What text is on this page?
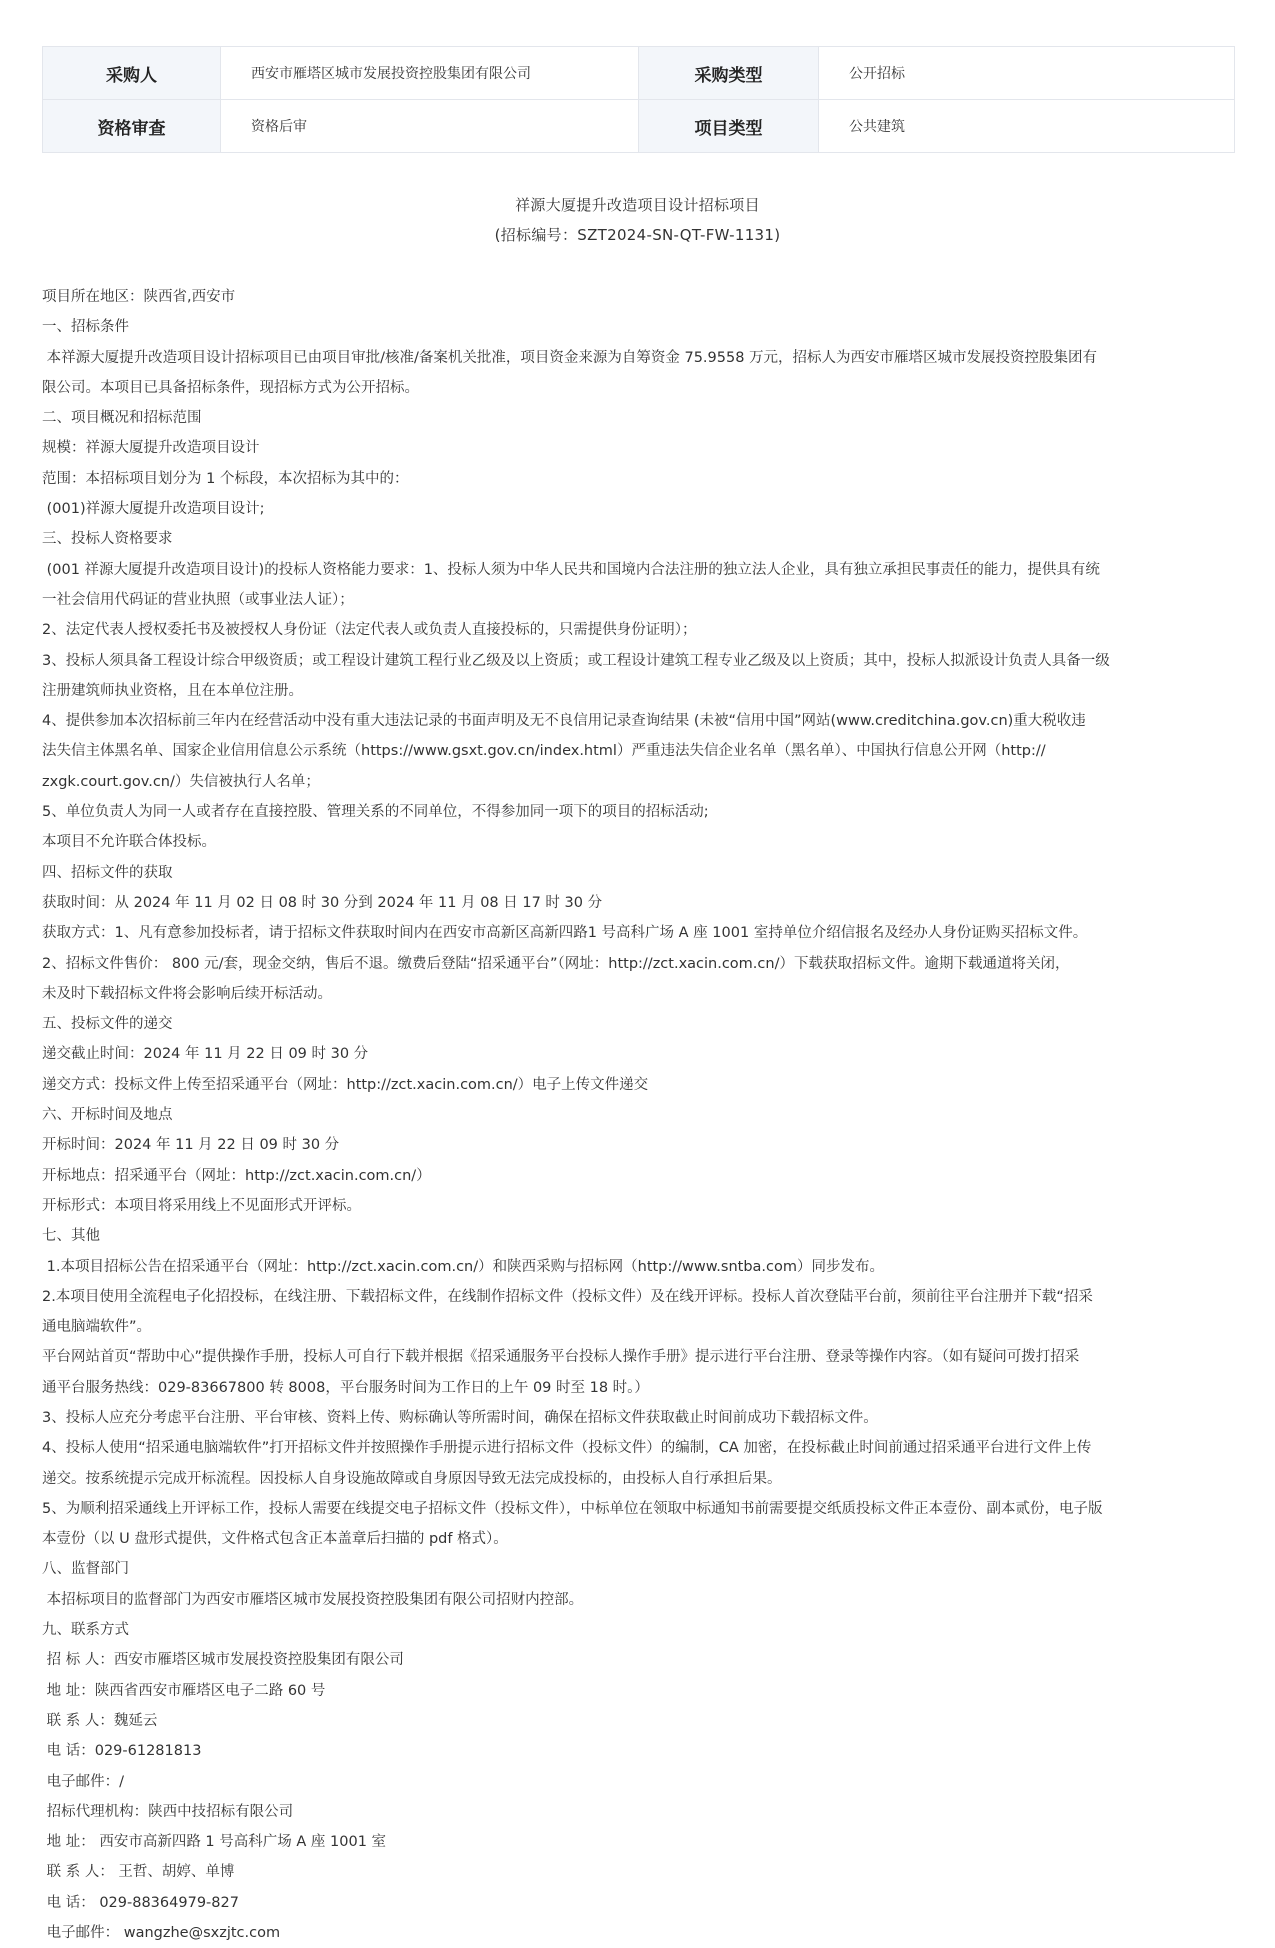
采购人	西安市雁塔区城市发展投资控股集团有限公司	采购类型	公开招标
资格审查	资格后审	项目类型	公共建筑
祥源大厦提升改造项目设计招标项目
(招标编号：SZT2024-SN-QT-FW-1131)

项目所在地区：陕西省,西安市

一、招标条件

本祥源大厦提升改造项目设计招标项目已由项目审批/核准/备案机关批准，项目资金来源为自筹资金 75.9558 万元，招标人为西安市雁塔区城市发展投资控股集团有

限公司。本项目已具备招标条件，现招标方式为公开招标。

二、项目概况和招标范围

规模：祥源大厦提升改造项目设计

范围：本招标项目划分为 1 个标段，本次招标为其中的：

(001)祥源大厦提升改造项目设计;

三、投标人资格要求

(001 祥源大厦提升改造项目设计)的投标人资格能力要求：1、投标人须为中华人民共和国境内合法注册的独立法人企业，具有独立承担民事责任的能力，提供具有统

一社会信用代码证的营业执照（或事业法人证）；

2、法定代表人授权委托书及被授权人身份证（法定代表人或负责人直接投标的，只需提供身份证明）；

3、投标人须具备工程设计综合甲级资质；或工程设计建筑工程行业乙级及以上资质；或工程设计建筑工程专业乙级及以上资质；其中，投标人拟派设计负责人具备一级

注册建筑师执业资格，且在本单位注册。

4、提供参加本次招标前三年内在经营活动中没有重大违法记录的书面声明及无不良信用记录查询结果 (未被“信用中国”网站(www.creditchina.gov.cn)重大税收违

法失信主体黑名单、国家企业信用信息公示系统（https://www.gsxt.gov.cn/index.html）严重违法失信企业名单（黑名单）、中国执行信息公开网（http://

zxgk.court.gov.cn/）失信被执行人名单；

5、单位负责人为同一人或者存在直接控股、管理关系的不同单位，不得参加同一项下的项目的招标活动;

本项目不允许联合体投标。

四、招标文件的获取

获取时间：从 2024 年 11 月 02 日 08 时 30 分到 2024 年 11 月 08 日 17 时 30 分

获取方式：1、凡有意参加投标者，请于招标文件获取时间内在西安市高新区高新四路1 号高科广场 A 座 1001 室持单位介绍信报名及经办人身份证购买招标文件。

2、招标文件售价： 800 元/套，现金交纳，售后不退。缴费后登陆“招采通平台”（网址：http://zct.xacin.com.cn/）下载获取招标文件。逾期下载通道将关闭，

未及时下载招标文件将会影响后续开标活动。

五、投标文件的递交

递交截止时间：2024 年 11 月 22 日 09 时 30 分

递交方式：投标文件上传至招采通平台（网址：http://zct.xacin.com.cn/）电子上传文件递交

六、开标时间及地点

开标时间：2024 年 11 月 22 日 09 时 30 分

开标地点：招采通平台（网址：http://zct.xacin.com.cn/）

开标形式：本项目将采用线上不见面形式开评标。

七、其他

1.本项目招标公告在招采通平台（网址：http://zct.xacin.com.cn/）和陕西采购与招标网（http://www.sntba.com）同步发布。

2.本项目使用全流程电子化招投标，在线注册、下载招标文件，在线制作招标文件（投标文件）及在线开评标。投标人首次登陆平台前，须前往平台注册并下载“招采

通电脑端软件”。

平台网站首页“帮助中心”提供操作手册，投标人可自行下载并根据《招采通服务平台投标人操作手册》提示进行平台注册、登录等操作内容。（如有疑问可拨打招采

通平台服务热线：029-83667800 转 8008，平台服务时间为工作日的上午 09 时至 18 时。）

3、投标人应充分考虑平台注册、平台审核、资料上传、购标确认等所需时间，确保在招标文件获取截止时间前成功下载招标文件。

4、投标人使用“招采通电脑端软件”打开招标文件并按照操作手册提示进行招标文件（投标文件）的编制，CA 加密，在投标截止时间前通过招采通平台进行文件上传

递交。按系统提示完成开标流程。因投标人自身设施故障或自身原因导致无法完成投标的，由投标人自行承担后果。

5、为顺利招采通线上开评标工作，投标人需要在线提交电子招标文件（投标文件），中标单位在领取中标通知书前需要提交纸质投标文件正本壹份、副本贰份，电子版

本壹份（以 U 盘形式提供，文件格式包含正本盖章后扫描的 pdf 格式）。

八、监督部门

本招标项目的监督部门为西安市雁塔区城市发展投资控股集团有限公司招财内控部。

九、联系方式

招 标 人：西安市雁塔区城市发展投资控股集团有限公司

地 址：陕西省西安市雁塔区电子二路 60 号

联 系 人：魏延云

电 话：029-61281813

电子邮件：/

招标代理机构：陕西中技招标有限公司

地 址： 西安市高新四路 1 号高科广场 A 座 1001 室

联 系 人： 王哲、胡婷、单博

电 话： 029-88364979-827

电子邮件： wangzhe@sxzjtc.com
